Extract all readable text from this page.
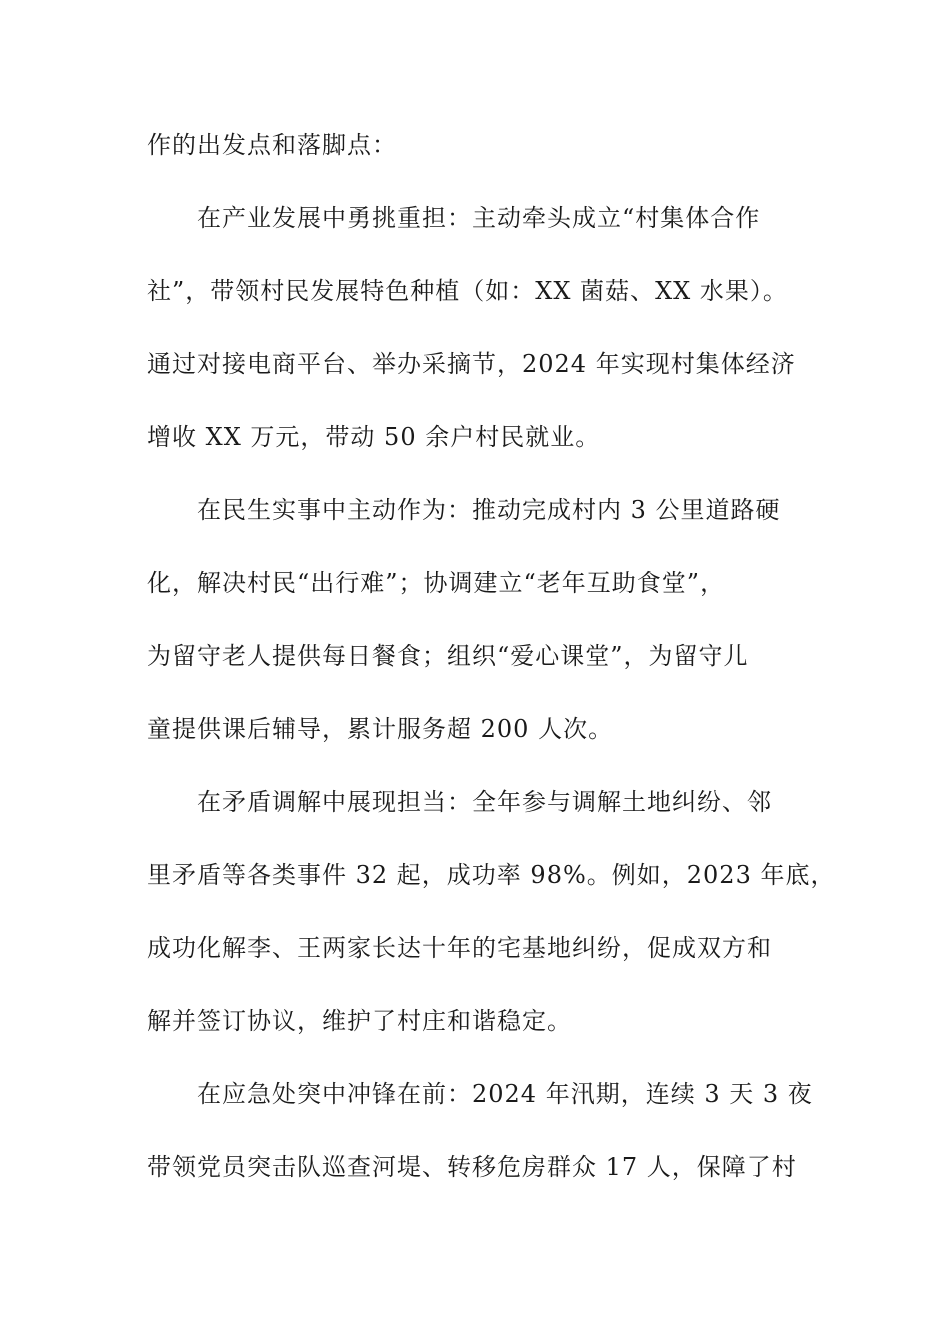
作的出发点和落脚点：
在产业发展中勇挑重担：主动牵头成立“村集体合作
社”，带领村民发展特色种植（如：XX 菌菇、XX 水果）。
通过对接电商平台、举办采摘节，2024 年实现村集体经济
增收 XX 万元，带动 50 余户村民就业。
在民生实事中主动作为：推动完成村内 3 公里道路硬
化，解决村民“出行难”；协调建立“老年互助食堂”，
为留守老人提供每日餐食；组织“爱心课堂”，为留守儿
童提供课后辅导，累计服务超 200 人次。
在矛盾调解中展现担当：全年参与调解土地纠纷、邻
里矛盾等各类事件 32 起，成功率 98%。例如，2023 年底，
成功化解李、王两家长达十年的宅基地纠纷，促成双方和
解并签订协议，维护了村庄和谐稳定。
在应急处突中冲锋在前：2024 年汛期，连续 3 天 3 夜
带领党员突击队巡查河堤、转移危房群众 17 人，保障了村
